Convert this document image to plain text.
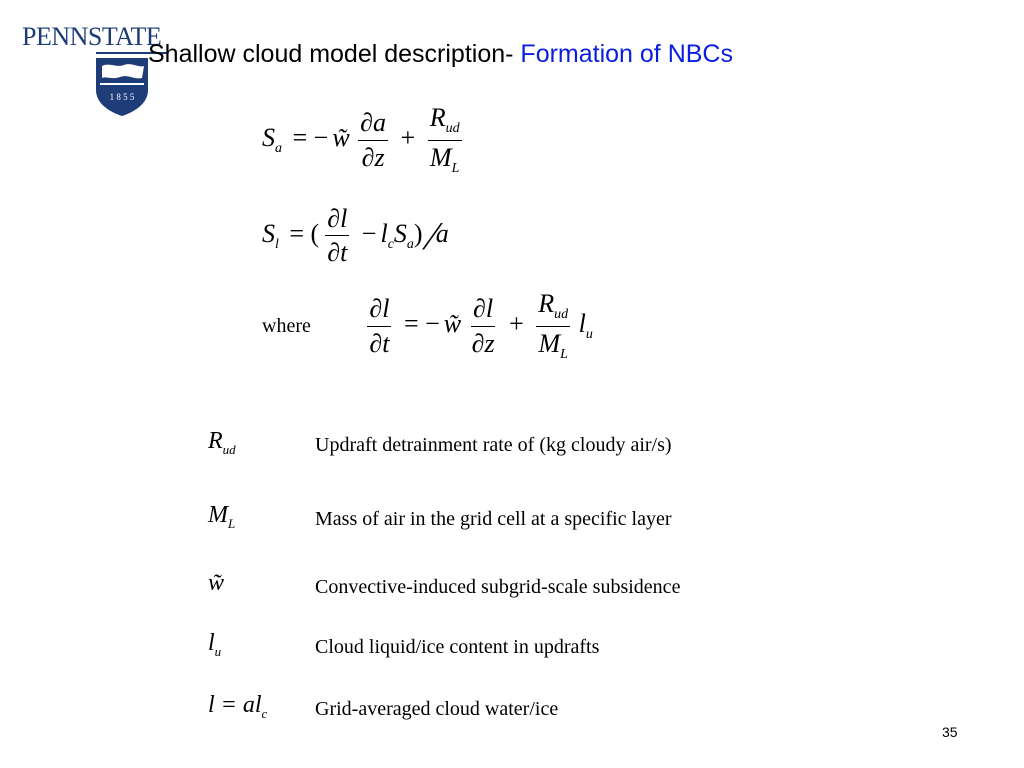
PENNSTATE
1 8 5 5
Shallow cloud model description- Formation of NBCs
$S_a$ = − w̃ $\frac{\partial a}{\partial z} + \frac{R_{ud}}{M_L}$
$S_l$ = ( $\frac{\partial l}{\partial t} - l_cS_a$) ⁄a
where $\frac{\partial l}{\partial t}$ = − w̃ $\frac{\partial l}{\partial z} + \frac{R_{ud}}{M_L} l_u$
$R_{ud}$	Updraft detrainment rate of (kg cloudy air/s)
$M_L$	Mass of air in the grid cell at a specific layer
w̃	Convective-induced subgrid-scale subsidence
$l_u$	Cloud liquid/ice content in updrafts
$l = al_c$ Grid-averaged cloud water/ice
35
